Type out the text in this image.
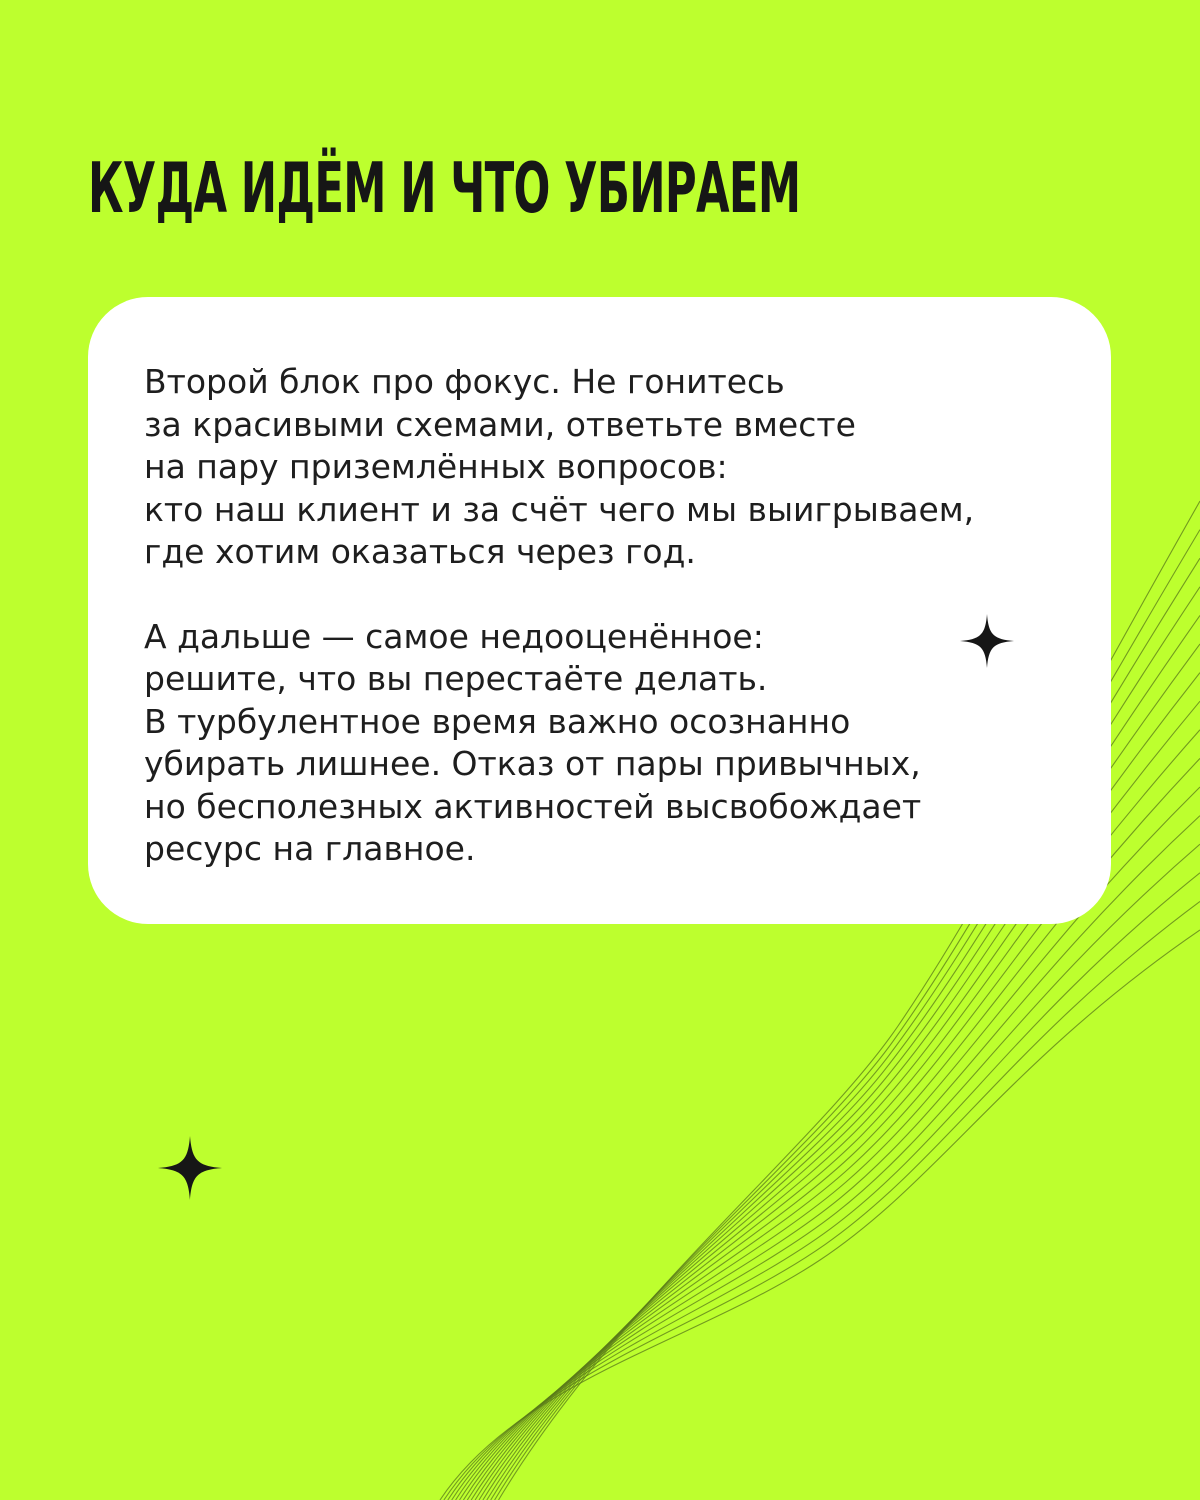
КУДА ИДЁМ И ЧТО УБИРАЕМ

Второй блок про фокус. Не гонитесь
за красивыми схемами, ответьте вместе
на пару приземлённых вопросов:
кто наш клиент и за счёт чего мы выигрываем,
где хотим оказаться через год.

А дальше — самое недооценённое:
решите, что вы перестаёте делать.
В турбулентное время важно осознанно
убирать лишнее. Отказ от пары привычных,
но бесполезных активностей высвобождает
ресурс на главное.
